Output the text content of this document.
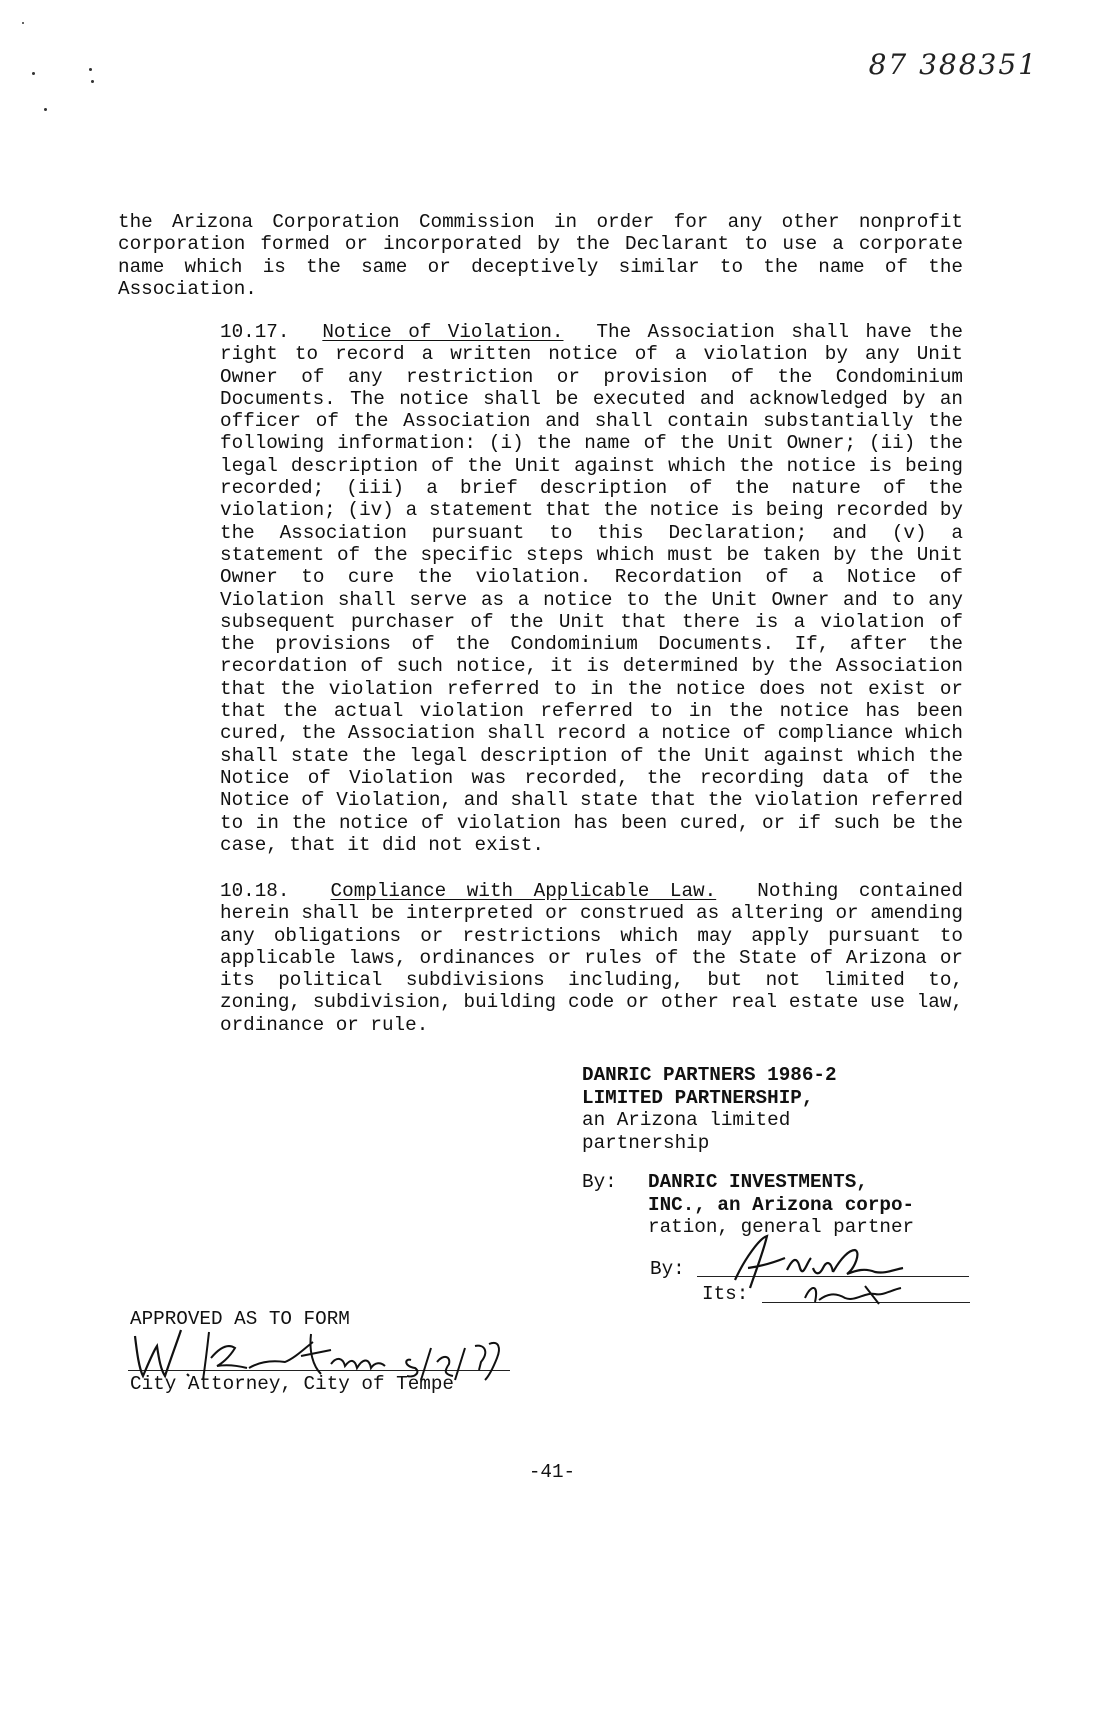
87 388351

the Arizona Corporation Commission in order for any other nonprofit corporation formed or incorporated by the Declarant to use a corporate name which is the same or deceptively similar to the name of the Association.

10.17. Notice of Violation. The Association shall have the right to record a written notice of a violation by any Unit Owner of any restriction or provision of the Condominium Documents. The notice shall be executed and acknowledged by an officer of the Association and shall contain substantially the following information: (i) the name of the Unit Owner; (ii) the legal description of the Unit against which the notice is being recorded; (iii) a brief description of the nature of the violation; (iv) a statement that the notice is being recorded by the Association pursuant to this Declaration; and (v) a statement of the specific steps which must be taken by the Unit Owner to cure the violation. Recordation of a Notice of Violation shall serve as a notice to the Unit Owner and to any subsequent purchaser of the Unit that there is a violation of the provisions of the Condominium Documents. If, after the recordation of such notice, it is determined by the Association that the violation referred to in the notice does not exist or that the actual violation referred to in the notice has been cured, the Association shall record a notice of compliance which shall state the legal description of the Unit against which the Notice of Violation was recorded, the recording data of the Notice of Violation, and shall state that the violation referred to in the notice of violation has been cured, or if such be the case, that it did not exist.

10.18. Compliance with Applicable Law. Nothing contained herein shall be interpreted or construed as altering or amending any obligations or restrictions which may apply pursuant to applicable laws, ordinances or rules of the State of Arizona or its political subdivisions including, but not limited to, zoning, subdivision, building code or other real estate use law, ordinance or rule.

DANRIC PARTNERS 1986-2
LIMITED PARTNERSHIP,
an Arizona limited
partnership
By: DANRIC INVESTMENTS,
INC., an Arizona corpo-
ration, general partner
By:
Its:
APPROVED AS TO FORM
City Attorney, City of Tempe
-41-
